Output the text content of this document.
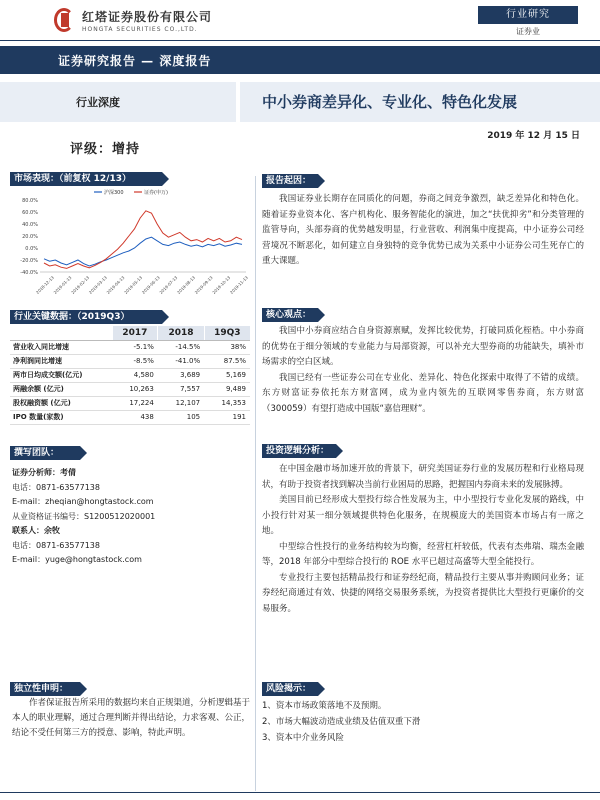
红塔证券股份有限公司
HONGTA SECURITIES CO.,LTD.
行业研究
证券业
证券研究报告 — 深度报告
行业深度	中小券商差异化、专业化、特色化发展
2019 年 12 月 15 日
评级：增持
市场表现：（前复权 12/13）
80.0%
60.0%
40.0%
20.0%
0.0%
-20.0%
-40.0%
2018-12-13
2019-01-13
2019-02-13
2019-03-13
2019-04-13
2019-05-13
2019-06-13
2019-07-13
2019-08-13
2019-09-13
2019-10-13
2019-11-13
沪深300	证券(申万)
行业关键数据：（2019Q3）
	2017	2018	19Q3
营业收入同比增速	-5.1%	-14.5%	38%
净利润同比增速	-8.5%	-41.0%	87.5%
两市日均成交额(亿元)	4,580	3,689	5,169
两融余额 (亿元)	10,263	7,557	9,489
股权融资额 (亿元)	17,224	12,107	14,353
IPO 数量(家数)	438	105	191
撰写团队：
证券分析师：考倩
电话：0871-63577138
E-mail：zheqian@hongtastock.com
从业资格证书编号：S1200512020001
联系人：余牧
电话：0871-63577138
E-mail：yuge@hongtastock.com
独立性申明：

作者保证报告所采用的数据均来自正规渠道，分析逻辑基于本人的职业理解，通过合理判断并得出结论，力求客观、公正，结论不受任何第三方的授意、影响，特此声明。

报告起因：

我国证券业长期存在同质化的问题，券商之间竞争激烈，缺乏差异化和特色化。随着证券业资本化、客户机构化、服务智能化的演进，加之“扶优抑劣”和分类管理的监管导向，头部券商的优势越发明显，行业营收、利润集中度提高，中小证券公司经营境况不断恶化，如何建立自身独特的竞争优势已成为关系中小证券公司生死存亡的重大课题。

核心观点：

我国中小券商应结合自身资源禀赋，发挥比较优势，打破同质化桎梏。中小券商的优势在于细分领域的专业能力与局部资源，可以补充大型券商的功能缺失，填补市场需求的空白区域。

我国已经有一些证券公司在专业化、差异化、特色化探索中取得了不错的成绩。东方财富证券依托东方财富网，成为业内领先的互联网零售券商，东方财富（300059）有望打造成中国版“嘉信理财”。

投资逻辑分析：

在中国金融市场加速开放的背景下，研究美国证券行业的发展历程和行业格局现状，有助于投资者找到解决当前行业困局的思路，把握国内券商未来的发展脉搏。

美国目前已经形成大型投行综合性发展为主，中小型投行专业化发展的路线，中小投行针对某一细分领域提供特色化服务，在规模庞大的美国资本市场占有一席之地。

中型综合性投行的业务结构较为均衡，经营杠杆较低，代表有杰弗瑞、瑞杰金融等，2018 年部分中型综合投行的 ROE 水平已超过高盛等大型全能投行。

专业投行主要包括精品投行和证券经纪商，精品投行主要从事并购顾问业务；证券经纪商通过有效、快捷的网络交易服务系统，为投资者提供比大型投行更廉价的交易服务。

风险揭示：
1、资本市场政策落地不及预期。
2、市场大幅波动造成业绩及估值双重下滑
3、资本中介业务风险
